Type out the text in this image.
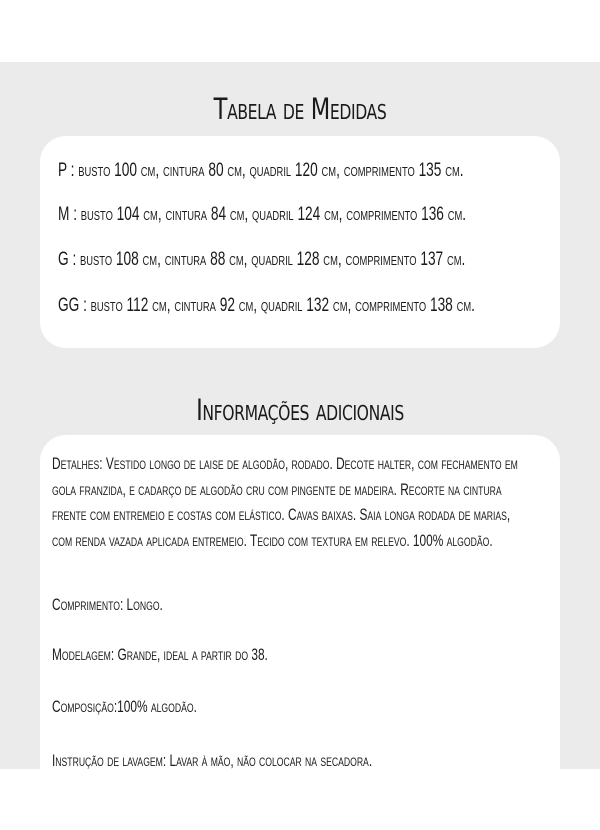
Tabela de Medidas
P : busto 100 cm, cintura 80 cm, quadril 120 cm, comprimento 135 cm.
M : busto 104 cm, cintura 84 cm, quadril 124 cm, comprimento 136 cm.
G : busto 108 cm, cintura 88 cm, quadril 128 cm, comprimento 137 cm.
GG : busto 112 cm, cintura 92 cm, quadril 132 cm, comprimento 138 cm.
Informações adicionais
Detalhes: Vestido longo de laise de algodão, rodado. Decote halter, com fechamento em gola franzida, e cadarço de algodão cru com pingente de madeira. Recorte na cintura frente com entremeio e costas com elástico. Cavas baixas. Saia longa rodada de marias, com renda vazada aplicada entremeio. Tecido com textura em relevo. 100% algodão.
Comprimento: Longo.
Modelagem: Grande, ideal a partir do 38.
Composição:100% algodão.
Instrução de lavagem: Lavar à mão, não colocar na secadora.
